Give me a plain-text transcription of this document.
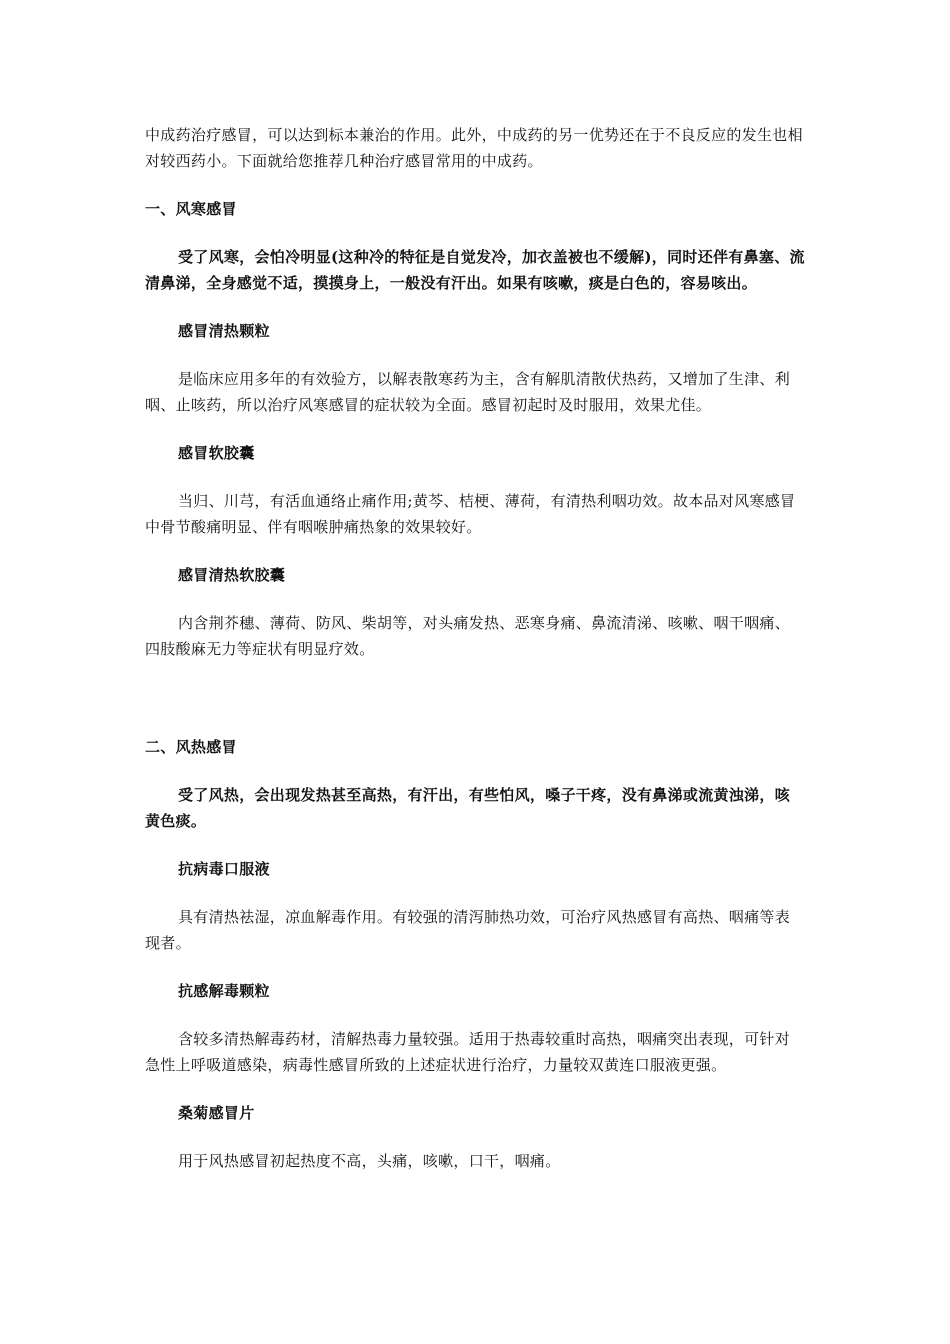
中成药治疗感冒，可以达到标本兼治的作用。此外，中成药的另一优势还在于不良反应的发生也相对较西药小。下面就给您推荐几种治疗感冒常用的中成药。

一、风寒感冒

受了风寒，会怕冷明显(这种冷的特征是自觉发冷，加衣盖被也不缓解)，同时还伴有鼻塞、流清鼻涕，全身感觉不适，摸摸身上，一般没有汗出。如果有咳嗽，痰是白色的，容易咳出。

感冒清热颗粒

是临床应用多年的有效验方，以解表散寒药为主，含有解肌清散伏热药，又增加了生津、利咽、止咳药，所以治疗风寒感冒的症状较为全面。感冒初起时及时服用，效果尤佳。

感冒软胶囊

当归、川芎，有活血通络止痛作用;黄芩、桔梗、薄荷，有清热利咽功效。故本品对风寒感冒中骨节酸痛明显、伴有咽喉肿痛热象的效果较好。

感冒清热软胶囊

内含荆芥穗、薄荷、防风、柴胡等，对头痛发热、恶寒身痛、鼻流清涕、咳嗽、咽干咽痛、四肢酸麻无力等症状有明显疗效。

二、风热感冒

受了风热，会出现发热甚至高热，有汗出，有些怕风，嗓子干疼，没有鼻涕或流黄浊涕，咳黄色痰。

抗病毒口服液

具有清热祛湿，凉血解毒作用。有较强的清泻肺热功效，可治疗风热感冒有高热、咽痛等表现者。

抗感解毒颗粒

含较多清热解毒药材，清解热毒力量较强。适用于热毒较重时高热，咽痛突出表现，可针对急性上呼吸道感染，病毒性感冒所致的上述症状进行治疗，力量较双黄连口服液更强。

桑菊感冒片

用于风热感冒初起热度不高，头痛，咳嗽，口干，咽痛。
